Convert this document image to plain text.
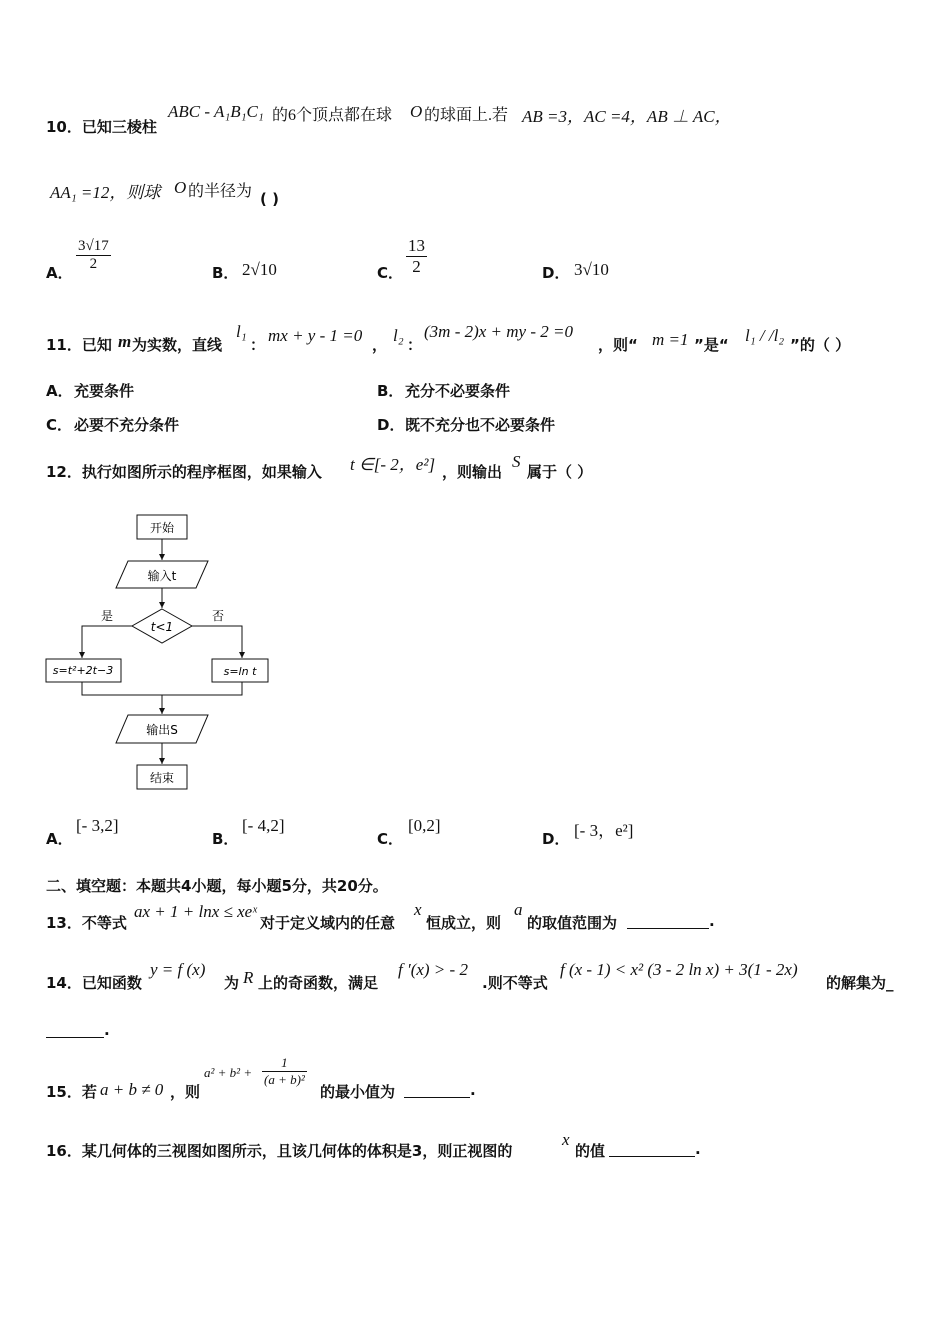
10．已知三棱柱
ABC - A₁B₁C₁ 的6个顶点都在球 O 的球面上.若 AB =3，AC =4，AB ⊥ AC，
AA₁ =12，则球 O 的半径为 ( )
A． $\frac{3√17}{2}$	B． 2√10	C． $\frac{13}{2}$	D． 3√10
11．已知 m 为实数，直线
l₁
： mx + y - 1 =0 ， l₂ ：
(3m - 2)x + my - 2 =0
，则“ m =1 ”是“ l₁ / /l₂ ”的（ ）
A． 充要条件	B． 充分不必要条件
C． 必要不充分条件	D． 既不充分也不必要条件
12．执行如图所示的程序框图，如果输入 t ∈[- 2，e²] ，则输出
S
属于（ ）
开始
输入t
t<1
是	否
s=t²+2t−3	s=ln t
输出S
结束
A．
[- 3,2]
B．
[- 4,2]
C．
[0,2]
D． [- 3，e²]
二、填空题：本题共4小题，每小题5分，共20分。
13．不等式
ax + 1 + lnx ≤ xeˣ
对于定义域内的任意
x
恒成立，则
a
的取值范围为	.
14．已知函数
y = f (x)
为 R 上的奇函数，满足
f ′(x) > - 2
.则不等式
f (x - 1) < x² (3 - 2 ln x) + 3(1 - 2x)
的解集为_
.
15．若 a + b ≠ 0 ，则
$a^2 + b^2 + \frac{1}{\text{(a + b)²}}$
的最小值为	.
16．某几何体的三视图如图所示，且该几何体的体积是3，则正视图的
x
的值	.
